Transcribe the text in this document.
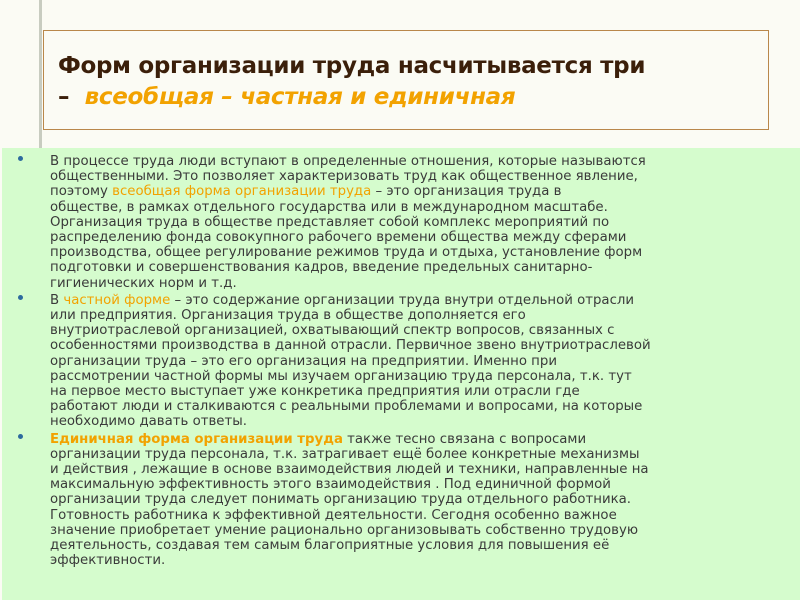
Форм организации труда насчитывается три
– всеобщая – частная и единичная
В процессе труда люди вступают в определенные отношения, которые называются
общественными. Это позволяет характеризовать труд как общественное явление,
поэтому всеобщая форма организации труда – это организация труда в
обществе, в рамках отдельного государства или в международном масштабе.
Организация труда в обществе представляет собой комплекс мероприятий по
распределению фонда совокупного рабочего времени общества между сферами
производства, общее регулирование режимов труда и отдыха, установление форм
подготовки и совершенствования кадров, введение предельных санитарно-
гигиенических норм и т.д.
В частной форме – это содержание организации труда внутри отдельной отрасли
или предприятия. Организация труда в обществе дополняется его
внутриотраслевой организацией, охватывающий спектр вопросов, связанных с
особенностями производства в данной отрасли. Первичное звено внутриотраслевой
организации труда – это его организация на предприятии. Именно при
рассмотрении частной формы мы изучаем организацию труда персонала, т.к. тут
на первое место выступает уже конкретика предприятия или отрасли где
работают люди и сталкиваются с реальными проблемами и вопросами, на которые
необходимо давать ответы.
Единичная форма организации труда также тесно связана с вопросами
организации труда персонала, т.к. затрагивает ещё более конкретные механизмы
и действия , лежащие в основе взаимодействия людей и техники, направленные на
максимальную эффективность этого взаимодействия . Под единичной формой
организации труда следует понимать организацию труда отдельного работника.
Готовность работника к эффективной деятельности. Сегодня особенно важное
значение приобретает умение рационально организовывать собственно трудовую
деятельность, создавая тем самым благоприятные условия для повышения её
эффективности.
